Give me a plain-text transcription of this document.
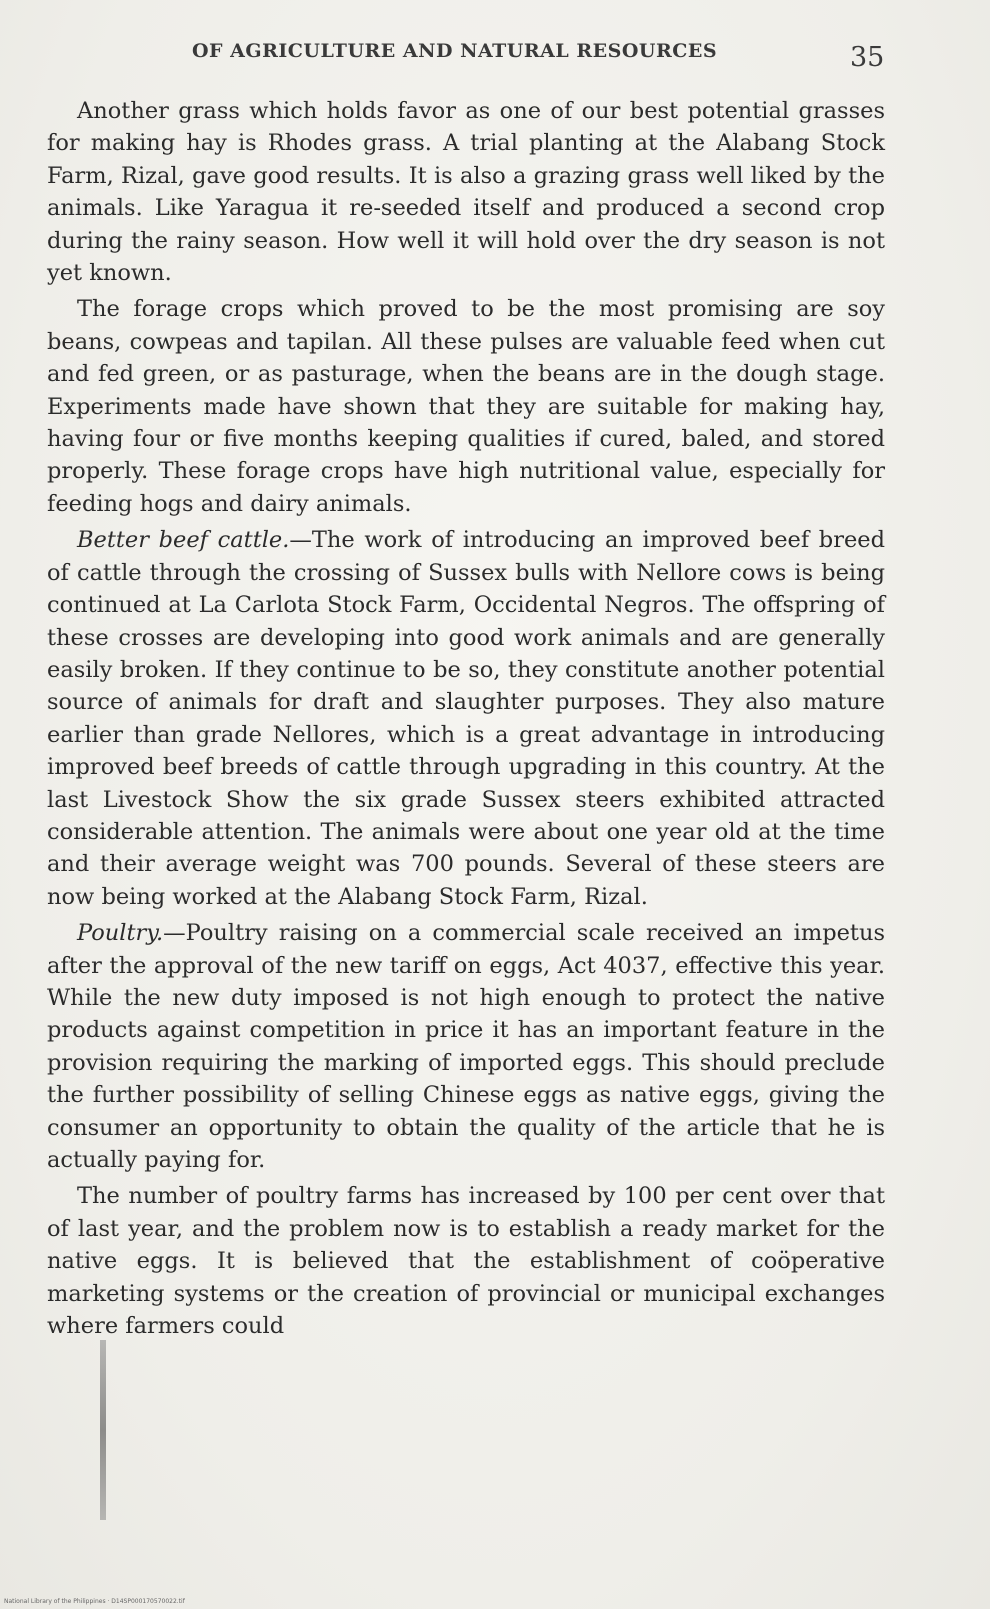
OF AGRICULTURE AND NATURAL RESOURCES	35

Another grass which holds favor as one of our best potential grasses for making hay is Rhodes grass. A trial planting at the Alabang Stock Farm, Rizal, gave good results. It is also a grazing grass well liked by the animals. Like Yaragua it re-seeded itself and produced a second crop during the rainy season. How well it will hold over the dry season is not yet known.

The forage crops which proved to be the most promising are soy beans, cowpeas and tapilan. All these pulses are valuable feed when cut and fed green, or as pasturage, when the beans are in the dough stage. Experiments made have shown that they are suitable for making hay, having four or five months keeping qualities if cured, baled, and stored properly. These forage crops have high nutritional value, especially for feeding hogs and dairy animals.

Better beef cattle.—The work of introducing an improved beef breed of cattle through the crossing of Sussex bulls with Nellore cows is being continued at La Carlota Stock Farm, Occidental Negros. The offspring of these crosses are developing into good work animals and are generally easily broken. If they continue to be so, they constitute another potential source of animals for draft and slaughter purposes. They also mature earlier than grade Nellores, which is a great advantage in introducing improved beef breeds of cattle through upgrading in this country. At the last Livestock Show the six grade Sussex steers exhibited attracted considerable attention. The animals were about one year old at the time and their average weight was 700 pounds. Several of these steers are now being worked at the Alabang Stock Farm, Rizal.

Poultry.—Poultry raising on a commercial scale received an impetus after the approval of the new tariff on eggs, Act 4037, effective this year. While the new duty imposed is not high enough to protect the native products against competition in price it has an important feature in the provision requiring the marking of imported eggs. This should preclude the further possibility of selling Chinese eggs as native eggs, giving the consumer an opportunity to obtain the quality of the article that he is actually paying for.

The number of poultry farms has increased by 100 per cent over that of last year, and the problem now is to establish a ready market for the native eggs. It is believed that the establishment of coöperative marketing systems or the creation of provincial or municipal exchanges where farmers could

National Library of the Philippines · D14SP000170570022.tif
